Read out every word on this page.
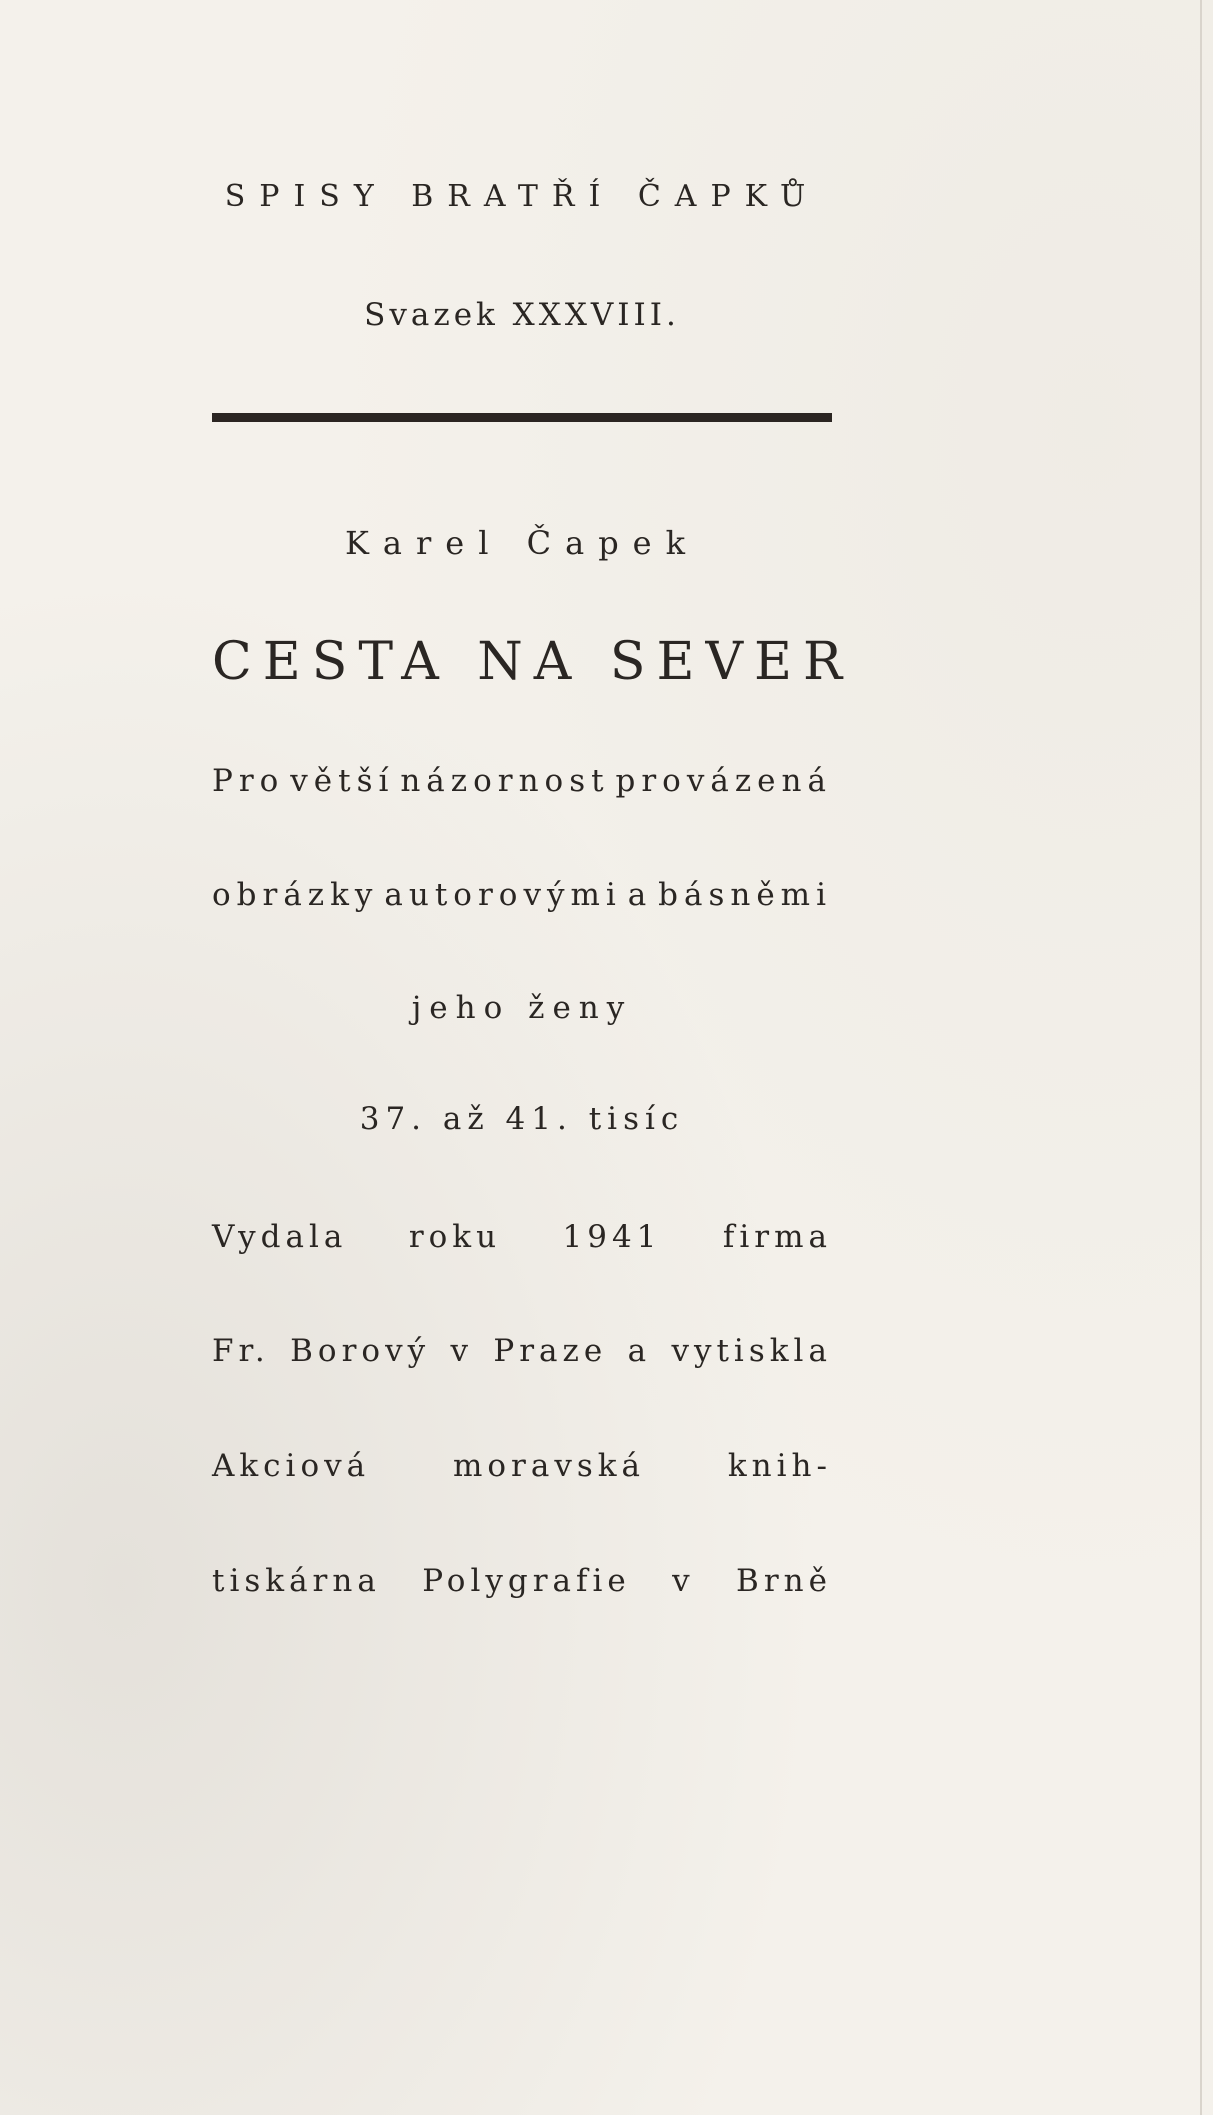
SPISY BRATŘÍ ČAPKŮ
Svazek XXXVIII.
Karel Čapek
CESTA NA SEVER
Pro větší názornost provázená
obrázky autorovými a básněmi
jeho ženy
37. až 41. tisíc
Vydala roku 1941 firma
Fr. Borový v Praze a vytiskla
Akciová	moravská	knih-
tiskárna Polygrafie v Brně
